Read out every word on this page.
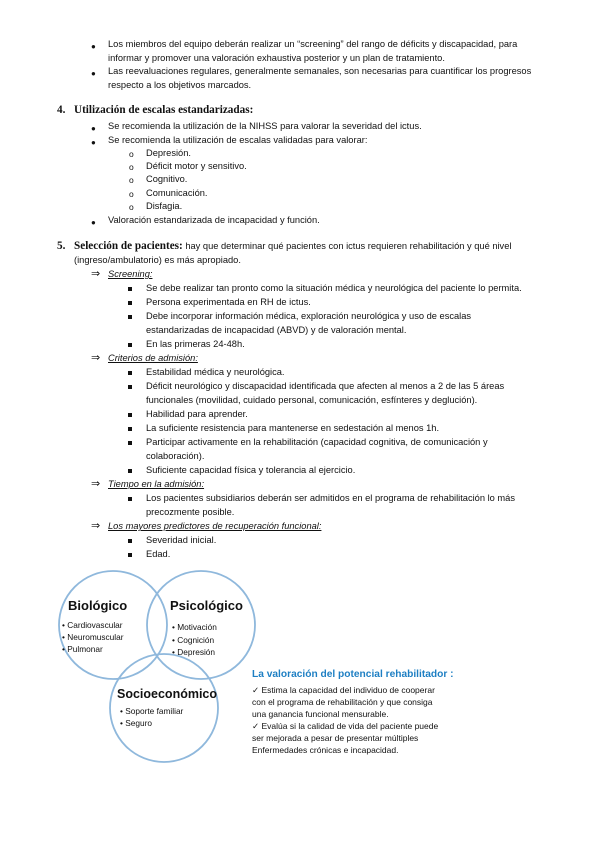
● Los miembros del equipo deberán realizar un “screening” del rango de déficits y discapacidad, para
informar y promover una valoración exhaustiva posterior y un plan de tratamiento.
● Las reevaluaciones regulares, generalmente semanales, son necesarias para cuantificar los progresos
respecto a los objetivos marcados.
4. Utilización de escalas estandarizadas:
● Se recomienda la utilización de la NIHSS para valorar la severidad del ictus.
● Se recomienda la utilización de escalas validadas para valorar:
o Depresión.
o Déficit motor y sensitivo.
o Cognitivo.
o Comunicación.
o Disfagia.
● Valoración estandarizada de incapacidad y función.
5. Selección de pacientes: hay que determinar qué pacientes con ictus requieren rehabilitación y qué nivel
(ingreso/ambulatorio) es más apropiado.
⇒ Screening:
Se debe realizar tan pronto como la situación médica y neurológica del paciente lo permita.
Persona experimentada en RH de ictus.
Debe incorporar información médica, exploración neurológica y uso de escalas
estandarizadas de incapacidad (ABVD) y de valoración mental.
En las primeras 24-48h.
⇒ Criterios de admisión:
Estabilidad médica y neurológica.
Déficit neurológico y discapacidad identificada que afecten al menos a 2 de las 5 áreas
funcionales (movilidad, cuidado personal, comunicación, esfínteres y deglución).
Habilidad para aprender.
La suficiente resistencia para mantenerse en sedestación al menos 1h.
Participar activamente en la rehabilitación (capacidad cognitiva, de comunicación y
colaboración).
Suficiente capacidad física y tolerancia al ejercicio.
⇒ Tiempo en la admisión:
Los pacientes subsidiarios deberán ser admitidos en el programa de rehabilitación lo más
precozmente posible.
⇒ Los mayores predictores de recuperación funcional:
Severidad inicial.
Edad.
Biológico
• Cardiovascular
• Neuromuscular
• Pulmonar
Psicológico
• Motivación
• Cognición
• Depresión
Socioeconómico
• Soporte familiar
• Seguro
La valoración del potencial rehabilitador :
✓ Estima la capacidad del individuo de cooperar
con el programa de rehabilitación y que consiga
una ganancia funcional mensurable.
✓ Evalúa si la calidad de vida del paciente puede
ser mejorada a pesar de presentar múltiples
Enfermedades crónicas e incapacidad.
